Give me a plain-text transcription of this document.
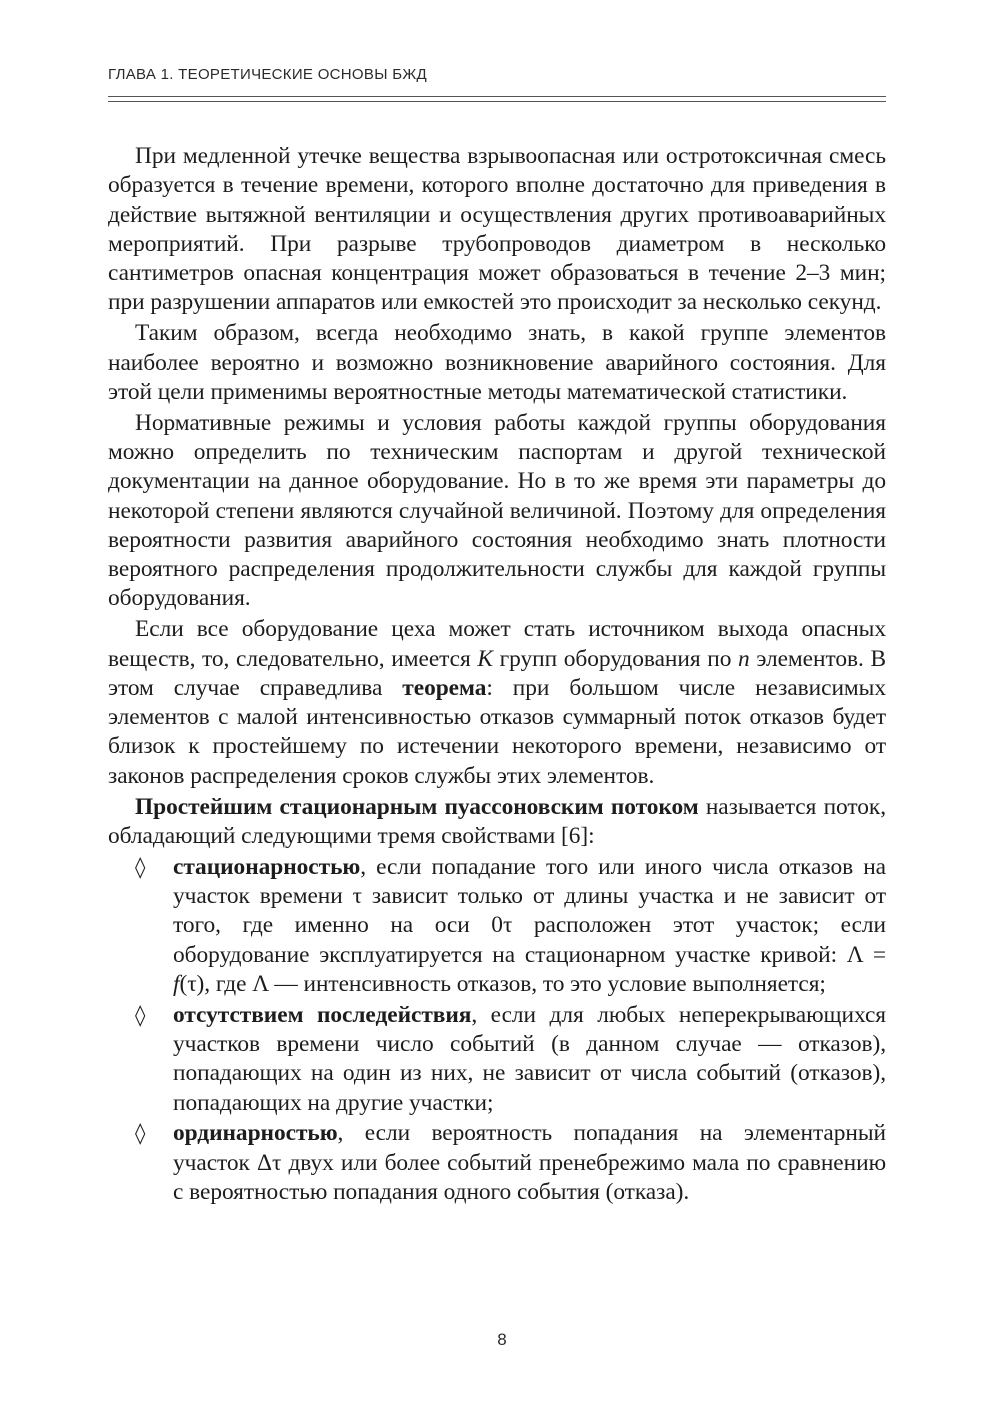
ГЛАВА 1. ТЕОРЕТИЧЕСКИЕ ОСНОВЫ БЖД

При медленной утечке вещества взрывоопасная или остротоксичная смесь образуется в течение времени, которого вполне достаточно для приведения в действие вытяжной вентиляции и осуществления других противоаварийных мероприятий. При разрыве трубопроводов диаметром в несколько сантиметров опасная концентрация может образоваться в течение 2–3 мин; при разрушении аппаратов или емкостей это происходит за несколько секунд.

Таким образом, всегда необходимо знать, в какой группе элементов наиболее вероятно и возможно возникновение аварийного состояния. Для этой цели применимы вероятностные методы математической статистики.

Нормативные режимы и условия работы каждой группы оборудования можно определить по техническим паспортам и другой технической документации на данное оборудование. Но в то же время эти параметры до некоторой степени являются случайной величиной. Поэтому для определения вероятности развития аварийного состояния необходимо знать плотности вероятного распределения продолжительности службы для каждой группы оборудования.

Если все оборудование цеха может стать источником выхода опасных веществ, то, следовательно, имеется K групп оборудования по n элементов. В этом случае справедлива теорема: при большом числе независимых элементов с малой интенсивностью отказов суммарный поток отказов будет близок к простейшему по истечении некоторого времени, независимо от законов распределения сроков службы этих элементов.

Простейшим стационарным пуассоновским потоком называется поток, обладающий следующими тремя свойствами [6]:

◊ стационарностью, если попадание того или иного числа отказов на участок времени τ зависит только от длины участка и не зависит от того, где именно на оси 0τ расположен этот участок; если оборудование эксплуатируется на стационарном участке кривой: Λ = f(τ), где Λ — интенсивность отказов, то это условие выполняется;
◊ отсутствием последействия, если для любых неперекрывающихся участков времени число событий (в данном случае — отказов), попадающих на один из них, не зависит от числа событий (отказов), попадающих на другие участки;
◊ ординарностью, если вероятность попадания на элементарный участок Δτ двух или более событий пренебрежимо мала по сравнению с вероятностью попадания одного события (отказа).
8
